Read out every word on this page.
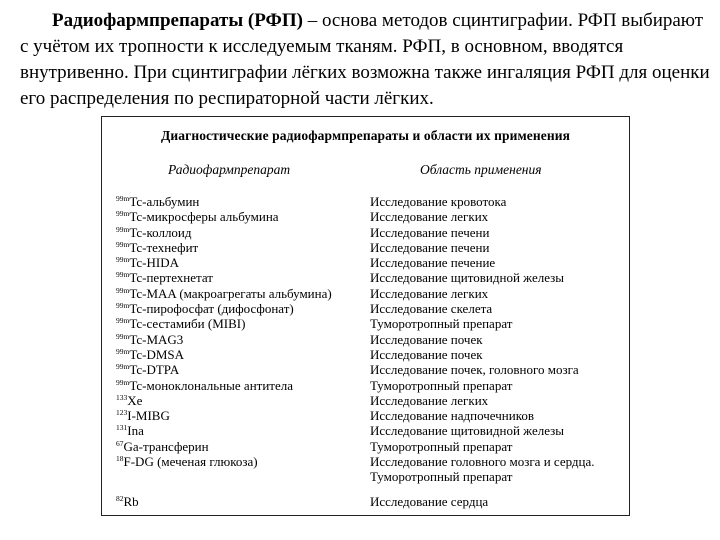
Радиофармпрепараты (РФП) – основа методов сцинтиграфии. РФП выбирают с учётом их тропности к исследуемым тканям. РФП, в основном, вводятся внутривенно. При сцинтиграфии лёгких возможна также ингаляция РФП для оценки его распределения по респираторной части лёгких.
Диагностические радиофармпрепараты и области их применения
Радиофармпрепарат	Область применения
$^{99m}$Tc-альбумин	Исследование кровотока
$^{99m}$Tc-микросферы альбумина	Исследование легких
$^{99m}$Tc-коллоид	Исследование печени
$^{99m}$Tc-технефит	Исследование печени
$^{99m}$Tc-HIDA	Исследование печение
$^{99m}$Tc-пертехнетат	Исследование щитовидной железы
$^{99m}$Tc-MAA (макроагрегаты альбумина)	Исследование легких
$^{99m}$Tc-пирофосфат (дифосфонат)	Исследование скелета
$^{99m}$Tc-сестамиби (MIBI)	Туморотропный препарат
$^{99m}$Tc-MAG3	Исследование почек
$^{99m}$Tc-DMSA	Исследование почек
$^{99m}$Tc-DTPA	Исследование почек, головного мозга
$^{99m}$Tc-моноклональные антитела	Туморотропный препарат
$^{133}$Xe	Исследование легких
$^{123}$I-MIBG	Исследование надпочечников
$^{131}$Ina	Исследование щитовидной железы
$^{67}$Ga-трансферин	Туморотропный препарат
$^{18}$F-DG (меченая глюкоза)	Исследование головного мозга и сердца.
Туморотропный препарат
$^{82}$Rb	Исследование сердца
